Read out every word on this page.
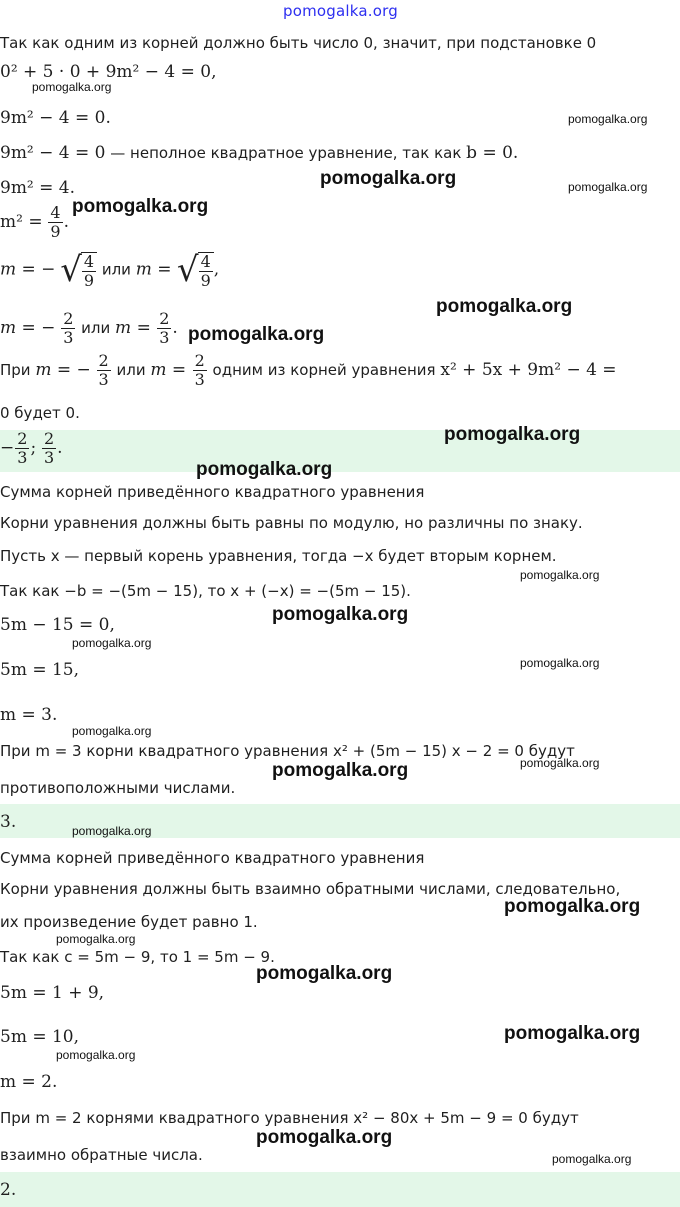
pomogalka.org
Так как одним из корней должно быть число 0, значит, при подстановке 0
0² + 5 · 0 + 9m² − 4 = 0,
9m² − 4 = 0.
9m² − 4 = 0 — неполное квадратное уравнение, так как b = 0.
9m² = 4.
$m^2 = \frac{4}{9}$ .
m = − √ $\frac{4}{9}$ или m = √ $\frac{4}{9}$ ,
m = − $\frac{2}{3}$ или $m = \frac{2}{3}$ .
При m = − $\frac{2}{3}$ или $m = \frac{2}{3}$ одним из корней уравнения x² + 5x + 9m² − 4 =
0 будет 0.
− $\frac{2}{3}$ ; $\frac{2}{3}$ .
Сумма корней приведённого квадратного уравнения
Корни уравнения должны быть равны по модулю, но различны по знаку.
Пусть x — первый корень уравнения, тогда −x будет вторым корнем.
Так как −b = −(5m − 15), то x + (−x) = −(5m − 15).
5m − 15 = 0,
5m = 15,
m = 3.
При m = 3 корни квадратного уравнения x² + (5m − 15) x − 2 = 0 будут
противоположными числами.
3.
Сумма корней приведённого квадратного уравнения
Корни уравнения должны быть взаимно обратными числами, следовательно,
их произведение будет равно 1.
Так как c = 5m − 9, то 1 = 5m − 9.
5m = 1 + 9,
5m = 10,
m = 2.
При m = 2 корнями квадратного уравнения x² − 80x + 5m − 9 = 0 будут
взаимно обратные числа.
2.
pomogalka.org
pomogalka.org
pomogalka.org
pomogalka.org
pomogalka.org
pomogalka.org
pomogalka.org
pomogalka.org
pomogalka.org
pomogalka.org
pomogalka.org
pomogalka.org
pomogalka.org
pomogalka.org
pomogalka.org
pomogalka.org
pomogalka.org
pomogalka.org
pomogalka.org
pomogalka.org
pomogalka.org
pomogalka.org
pomogalka.org
pomogalka.org
